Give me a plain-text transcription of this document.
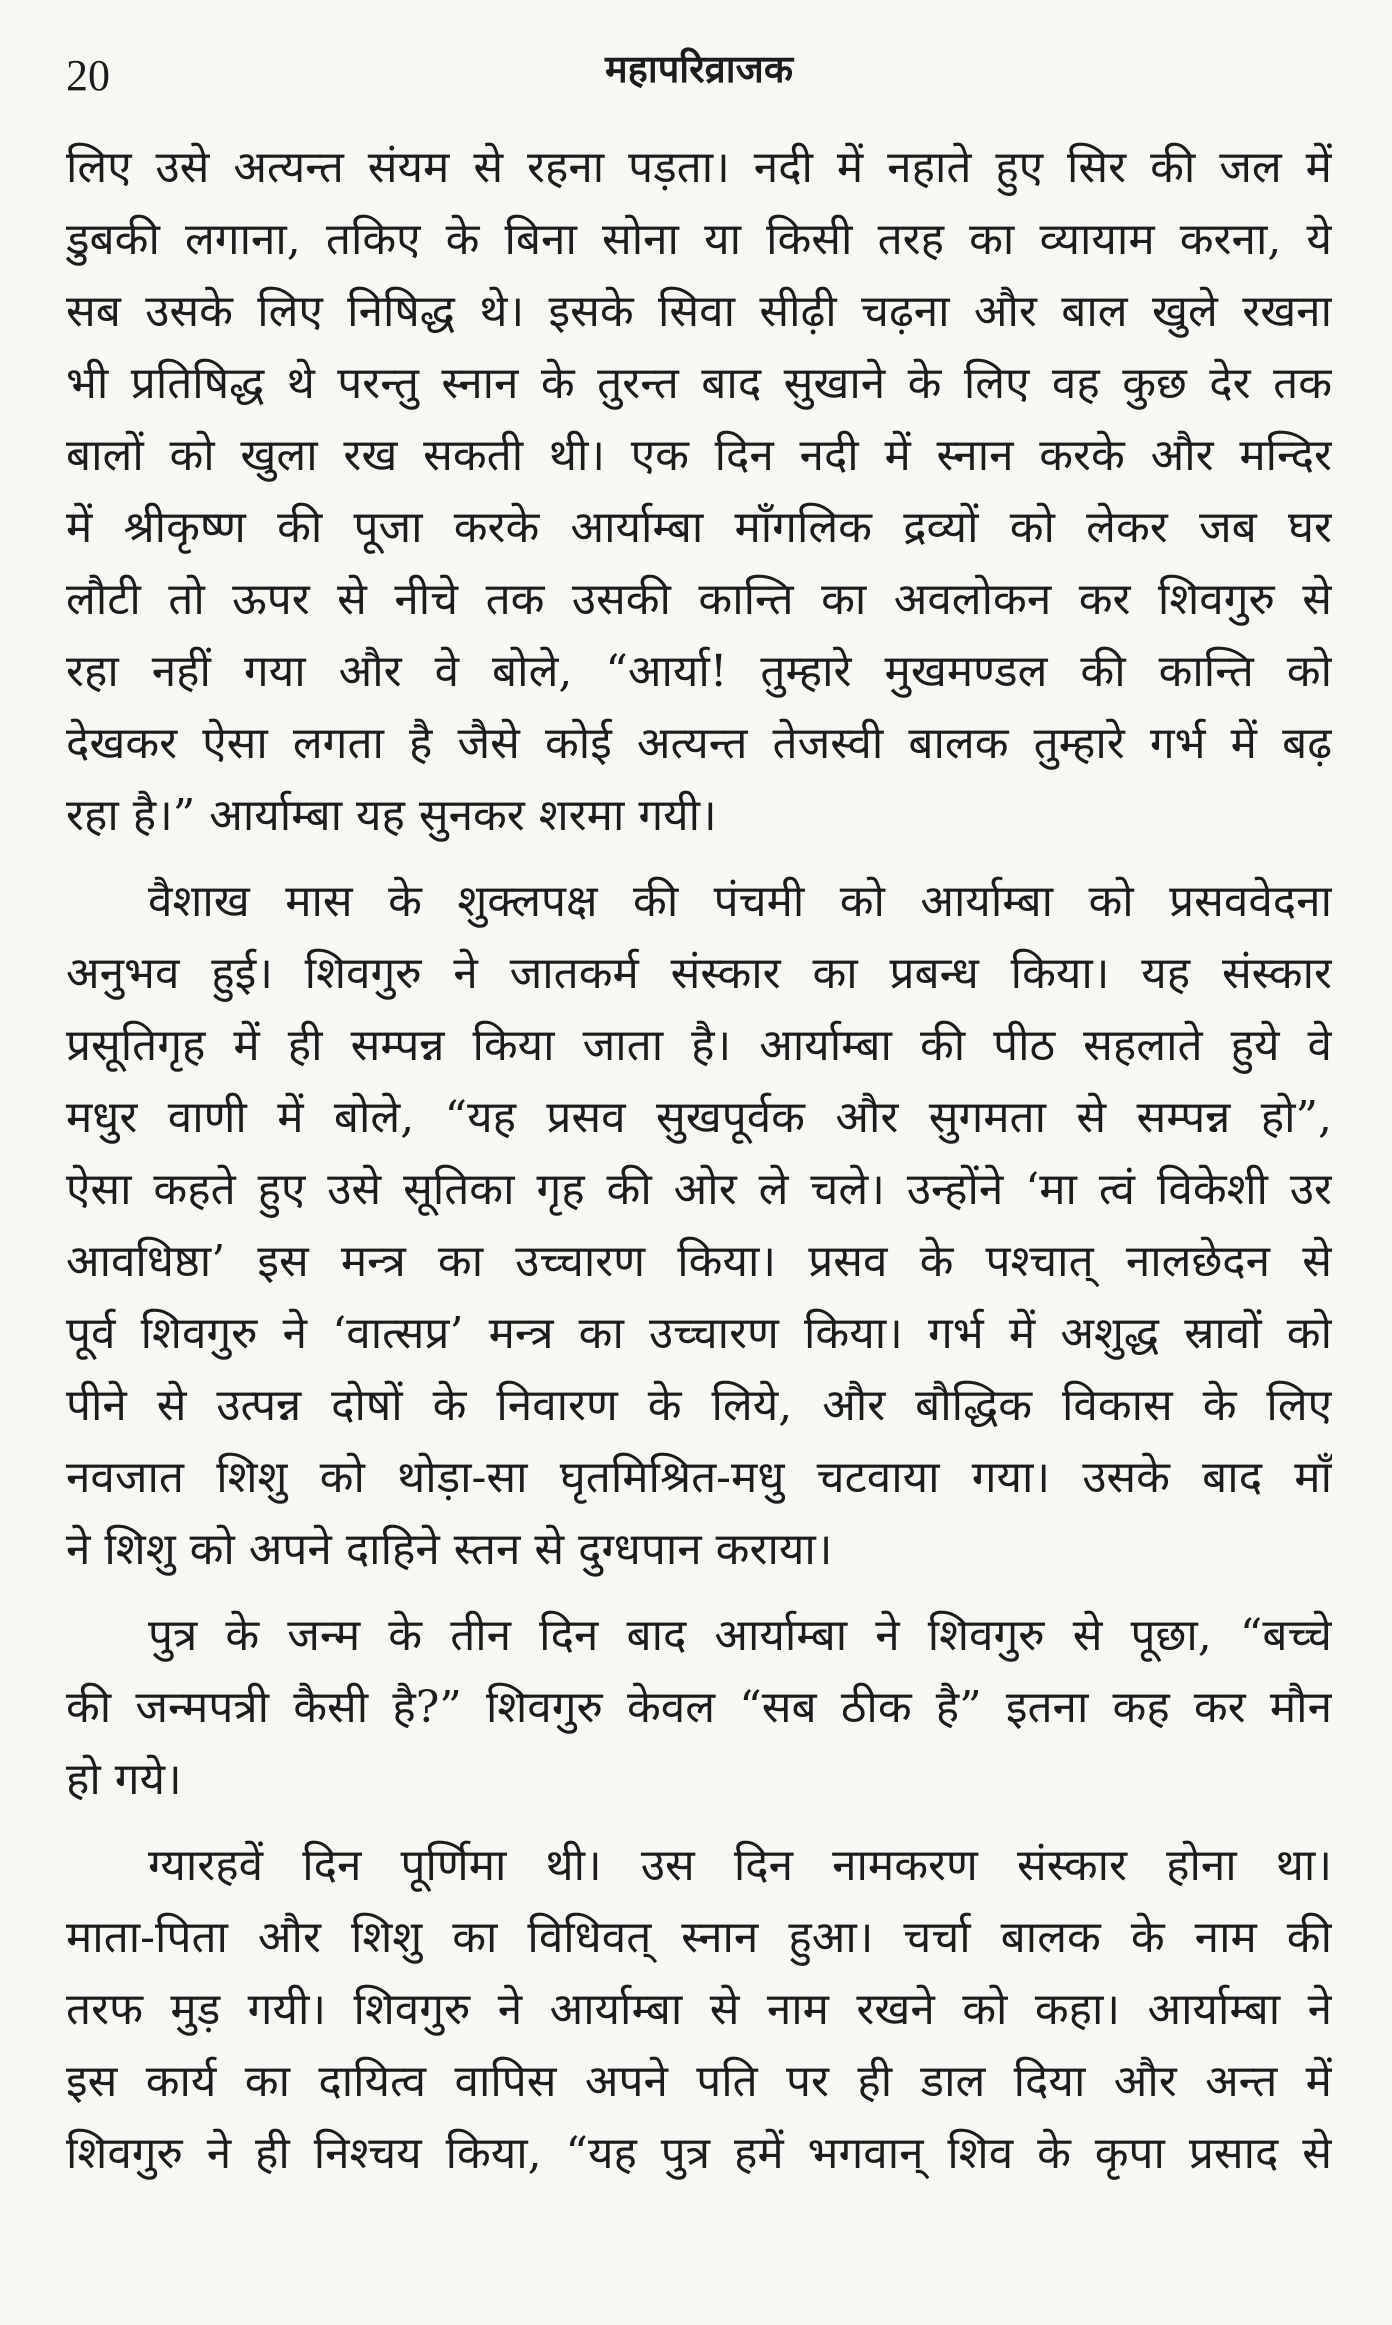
20	महापरिव्राजक
लिए उसे अत्यन्त संयम से रहना पड़ता। नदी में नहाते हुए सिर की जल में
डुबकी लगाना, तकिए के बिना सोना या किसी तरह का व्यायाम करना, ये
सब उसके लिए निषिद्ध थे। इसके सिवा सीढ़ी चढ़ना और बाल खुले रखना
भी प्रतिषिद्ध थे परन्तु स्नान के तुरन्त बाद सुखाने के लिए वह कुछ देर तक
बालों को खुला रख सकती थी। एक दिन नदी में स्नान करके और मन्दिर
में श्रीकृष्ण की पूजा करके आर्याम्बा माँगलिक द्रव्यों को लेकर जब घर
लौटी तो ऊपर से नीचे तक उसकी कान्ति का अवलोकन कर शिवगुरु से
रहा नहीं गया और वे बोले, “आर्या! तुम्हारे मुखमण्डल की कान्ति को
देखकर ऐसा लगता है जैसे कोई अत्यन्त तेजस्वी बालक तुम्हारे गर्भ में बढ़
रहा है।” आर्याम्बा यह सुनकर शरमा गयी।
वैशाख मास के शुक्लपक्ष की पंचमी को आर्याम्बा को प्रसववेदना
अनुभव हुई। शिवगुरु ने जातकर्म संस्कार का प्रबन्ध किया। यह संस्कार
प्रसूतिगृह में ही सम्पन्न किया जाता है। आर्याम्बा की पीठ सहलाते हुये वे
मधुर वाणी में बोले, “यह प्रसव सुखपूर्वक और सुगमता से सम्पन्न हो”,
ऐसा कहते हुए उसे सूतिका गृह की ओर ले चले। उन्होंने ‘मा त्वं विकेशी उर
आवधिष्ठा’ इस मन्त्र का उच्चारण किया। प्रसव के पश्चात् नालछेदन से
पूर्व शिवगुरु ने ‘वात्सप्र’ मन्त्र का उच्चारण किया। गर्भ में अशुद्ध स्रावों को
पीने से उत्पन्न दोषों के निवारण के लिये, और बौद्धिक विकास के लिए
नवजात शिशु को थोड़ा-सा घृतमिश्रित-मधु चटवाया गया। उसके बाद माँ
ने शिशु को अपने दाहिने स्तन से दुग्धपान कराया।
पुत्र के जन्म के तीन दिन बाद आर्याम्बा ने शिवगुरु से पूछा, “बच्चे
की जन्मपत्री कैसी है?” शिवगुरु केवल “सब ठीक है” इतना कह कर मौन
हो गये।
ग्यारहवें दिन पूर्णिमा थी। उस दिन नामकरण संस्कार होना था।
माता-पिता और शिशु का विधिवत् स्नान हुआ। चर्चा बालक के नाम की
तरफ मुड़ गयी। शिवगुरु ने आर्याम्बा से नाम रखने को कहा। आर्याम्बा ने
इस कार्य का दायित्व वापिस अपने पति पर ही डाल दिया और अन्त में
शिवगुरु ने ही निश्चय किया, “यह पुत्र हमें भगवान् शिव के कृपा प्रसाद से
